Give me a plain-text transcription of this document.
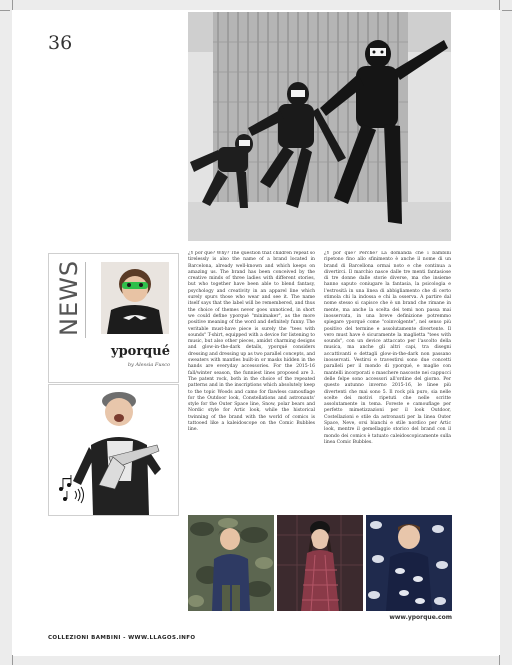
36
NEWS
yporqué
by Alessia Fusco

¿Y por qué? Why? The question that children repeat so tirelessly is also the name of a brand located in Barcelona, already well-known and which keeps on amazing us. The brand has been conceived by the creative minds of three ladies with different stories, but who together have been able to blend fantasy, psychology and creativity in an apparel line which surely spurs those who wear and see it. The name itself says that the label will be remembered, and thus the choice of themes never goes unnoticed, in short we could define yporqué "minimaker", as the more positive meaning of the word and definitely funny. The veritable must-have piece is surely the "tees with sounds" T-shirt, equipped with a device for listening to music, but also other pieces, amidst charming designs and glow-in-the-dark details, yporqué considers dressing and dressing up as two parallel concepts, and sweaters with mantles built-in or masks hidden in the hands are everyday accessories. For the 2015-16 fall/winter season, the funniest lines proposed are 3. The patent rock, both in the choice of the repeated patterns and in the inscriptions which absolutely keep to the topic Woods and camo for flawless camouflage for the Outdoor look, Constellations and astronauts' style for the Outer Space line, Snow, polar bears and Nordic style for Artic look, while the historical twinning of the brand with the world of comics is tattooed like a kaleidoscope on the Comic Bubbles line.

¿Y por qué? Perché? La domanda che i bambini ripetono fino allo sfinimento è anche il nome di un brand di Barcellona ormai noto e che continua a divertirci. Il marchio nasce dalle tre menti fantasiose di tre donne dalle storie diverse, ma che insieme hanno saputo coniugare la fantasia, la psicologia e l'estrosità in una linea di abbigliamento che di certo stimola chi la indossa e chi la osserva. A partire dal nome stesso si capisce che è un brand che rimane in mente, ma anche la scelta dei temi non passa mai inosservata, in una breve definizione potremmo spiegare yporqué come "coinvolgente", nel senso più positivo del termine e assolutamente divertente. Il vero must have è sicuramente la maglietta "tees with sounds", con un device attaccato per l'ascolto della musica, ma anche gli altri capi, tra disegni accattivanti e dettagli glow-in-the-dark non passano inosservati. Vestirsi e travestirsi sono due concetti paralleli per il mondo di yporqué, e maglie con mantelli incorporati o maschere nascoste nei cappucci delle felpe sono accessori all'ordine del giorno. Per questo autunno inverno 2015-16, le linee più divertenti che mai sono 5. Il rock più puro, sia nelle scelte dei motivi ripetuti che nelle scritte assolutamente in tema. Foreste e camouflage per perfetto mimetizzazioni per il look Outdoor, Costellazioni e stile da astronauti per la linea Outer Space, Neve, orsi bianchi e stile nordico per Artic look, mentre il gemellaggio storico del brand con il mondo dei comics è tatuato caleidoscopicamente sulla linea Comic Bubbles.

www.yporque.com
COLLEZIONI BAMBINI - WWW.LLAGOS.INFO
